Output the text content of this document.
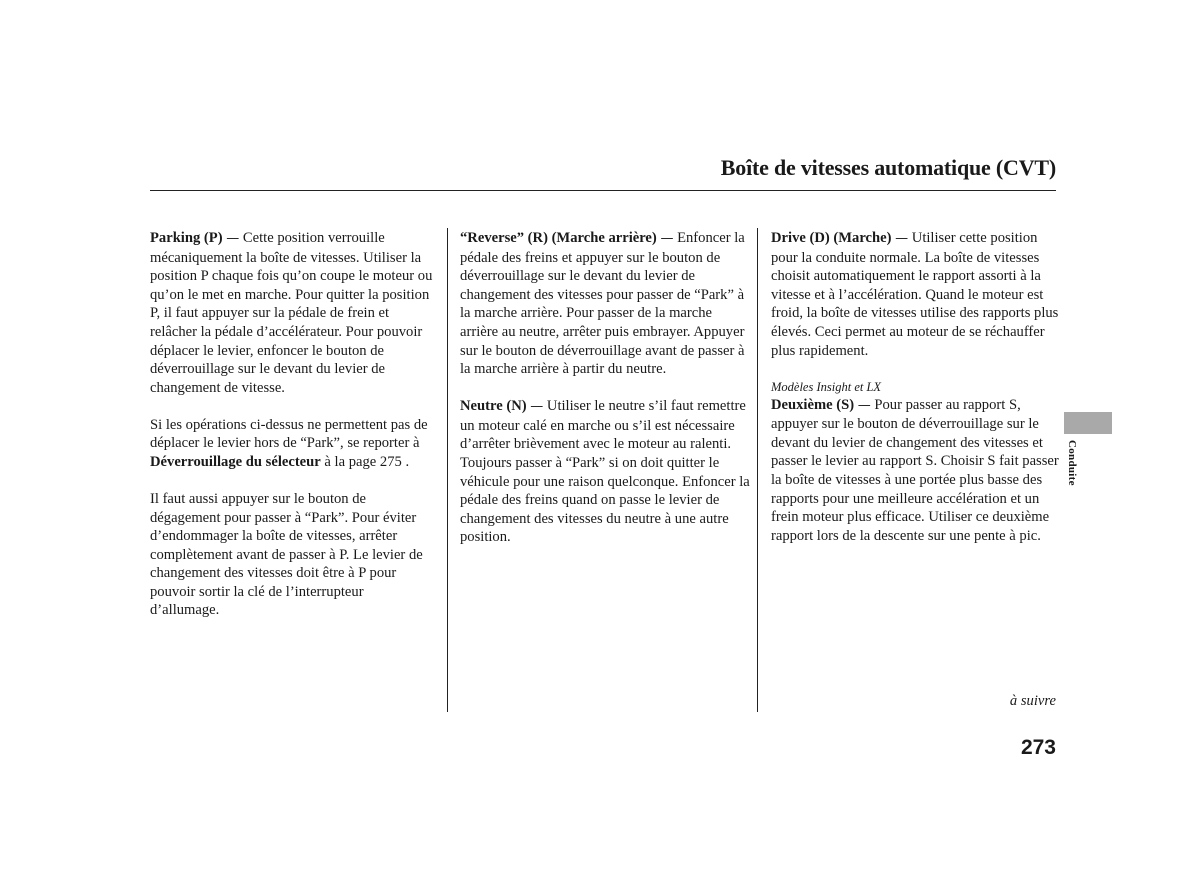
Boîte de vitesses automatique (CVT)

Parking (P) — Cette position verrouille mécaniquement la boîte de vitesses. Utiliser la position P chaque fois qu’on coupe le moteur ou qu’on le met en marche. Pour quitter la position P, il faut appuyer sur la pédale de frein et relâcher la pédale d’accélérateur. Pour pouvoir déplacer le levier, enfoncer le bouton de déverrouillage sur le devant du levier de changement de vitesse.

Si les opérations ci-dessus ne permettent pas de déplacer le levier hors de “Park”, se reporter à Déverrouillage du sélecteur à la page 275 .

Il faut aussi appuyer sur le bouton de dégagement pour passer à “Park”. Pour éviter d’endommager la boîte de vitesses, arrêter complètement avant de passer à P. Le levier de changement des vitesses doit être à P pour pouvoir sortir la clé de l’interrupteur d’allumage.

“Reverse” (R) (Marche arrière) — Enfoncer la pédale des freins et appuyer sur le bouton de déverrouillage sur le devant du levier de changement des vitesses pour passer de “Park” à la marche arrière. Pour passer de la marche arrière au neutre, arrêter puis embrayer. Appuyer sur le bouton de déverrouillage avant de passer à la marche arrière à partir du neutre.

Neutre (N) — Utiliser le neutre s’il faut remettre un moteur calé en marche ou s’il est nécessaire d’arrêter brièvement avec le moteur au ralenti. Toujours passer à “Park” si on doit quitter le véhicule pour une raison quelconque. Enfoncer la pédale des freins quand on passe le levier de changement des vitesses du neutre à une autre position.

Drive (D) (Marche) — Utiliser cette position pour la conduite normale. La boîte de vitesses choisit automatiquement le rapport assorti à la vitesse et à l’accélération. Quand le moteur est froid, la boîte de vitesses utilise des rapports plus élevés. Ceci permet au moteur de se réchauffer plus rapidement.

Modèles Insight et LX
Deuxième (S) — Pour passer au rapport S, appuyer sur le bouton de déverrouillage sur le devant du levier de changement des vitesses et passer le levier au rapport S. Choisir S fait passer la boîte de vitesses à une portée plus basse des rapports pour une meilleure accélération et un frein moteur plus efficace. Utiliser ce deuxième rapport lors de la descente sur une pente à pic.

Conduite
à suivre
273
